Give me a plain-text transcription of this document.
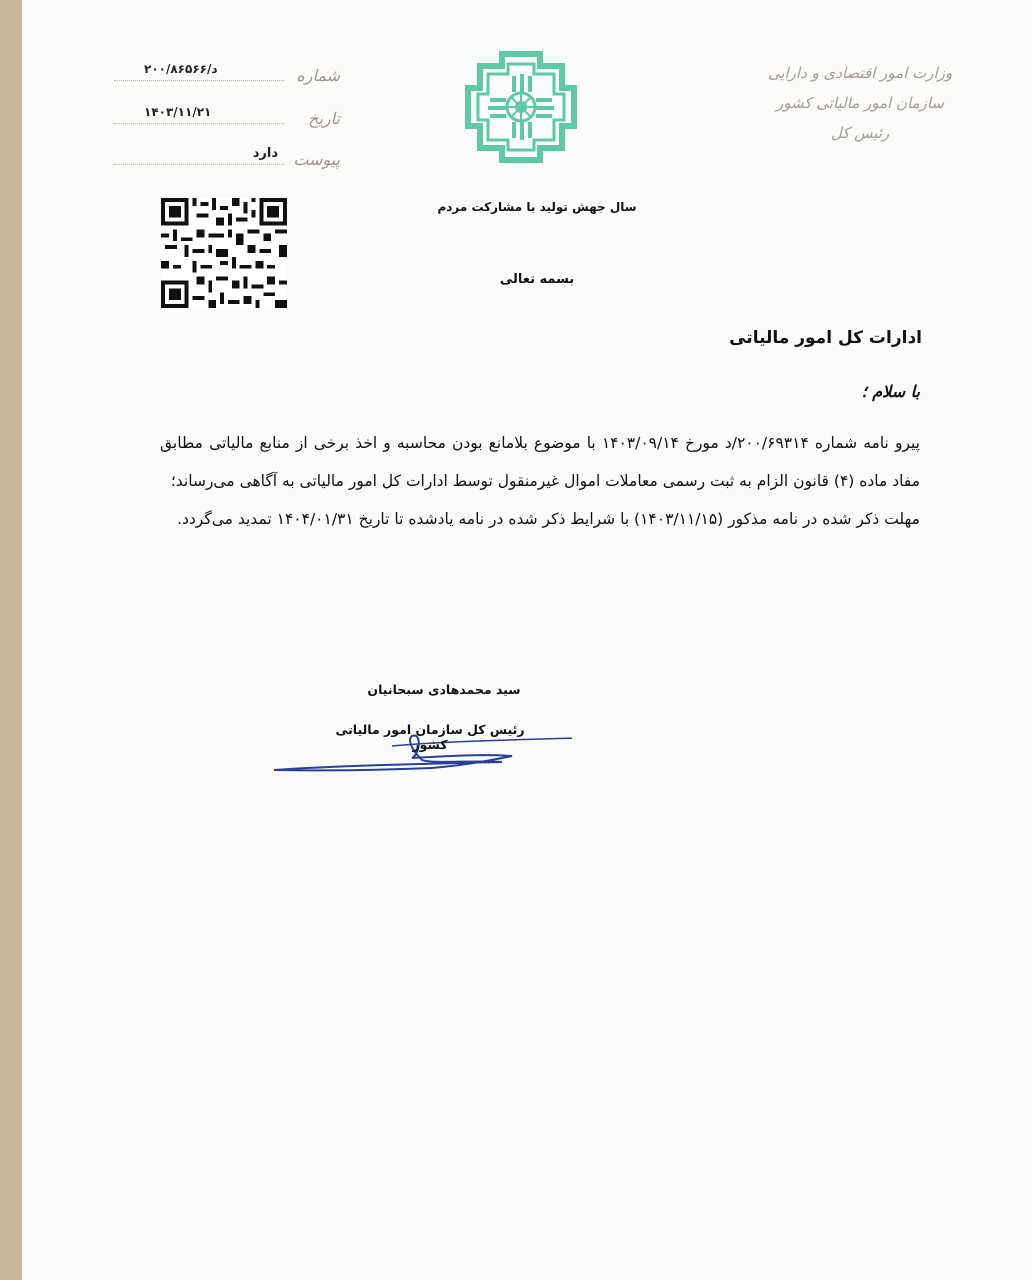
وزارت امور اقتصادی و دارایی
سازمان امور مالیاتی کشور
رئیس کل
شماره
۲۰۰/۸۶۵۶۶/د
تاریخ
۱۴۰۳/۱۱/۲۱
پیوست
دارد
سال جهش تولید با مشارکت مردم
بسمه تعالی
ادارات کل امور مالیاتی
با سلام ؛

پیرو نامه شماره ۲۰۰/۶۹۳۱۴/د مورخ ۱۴۰۳/۰۹/۱۴ با موضوع بلامانع بودن محاسبه و اخذ برخی از منابع مالیاتی مطابق مفاد ماده (۴) قانون الزام به ثبت رسمی معاملات اموال غیرمنقول توسط ادارات کل امور مالیاتی به آگاهی می‌رساند؛

مهلت ذکر شده در نامه مذکور (۱۴۰۳/۱۱/۱۵) با شرایط ذکر شده در نامه یادشده تا تاریخ ۱۴۰۴/۰۱/۳۱ تمدید می‌گردد.

سید محمدهادی سبحانیان
رئیس کل سازمان امور مالیاتی کشور
